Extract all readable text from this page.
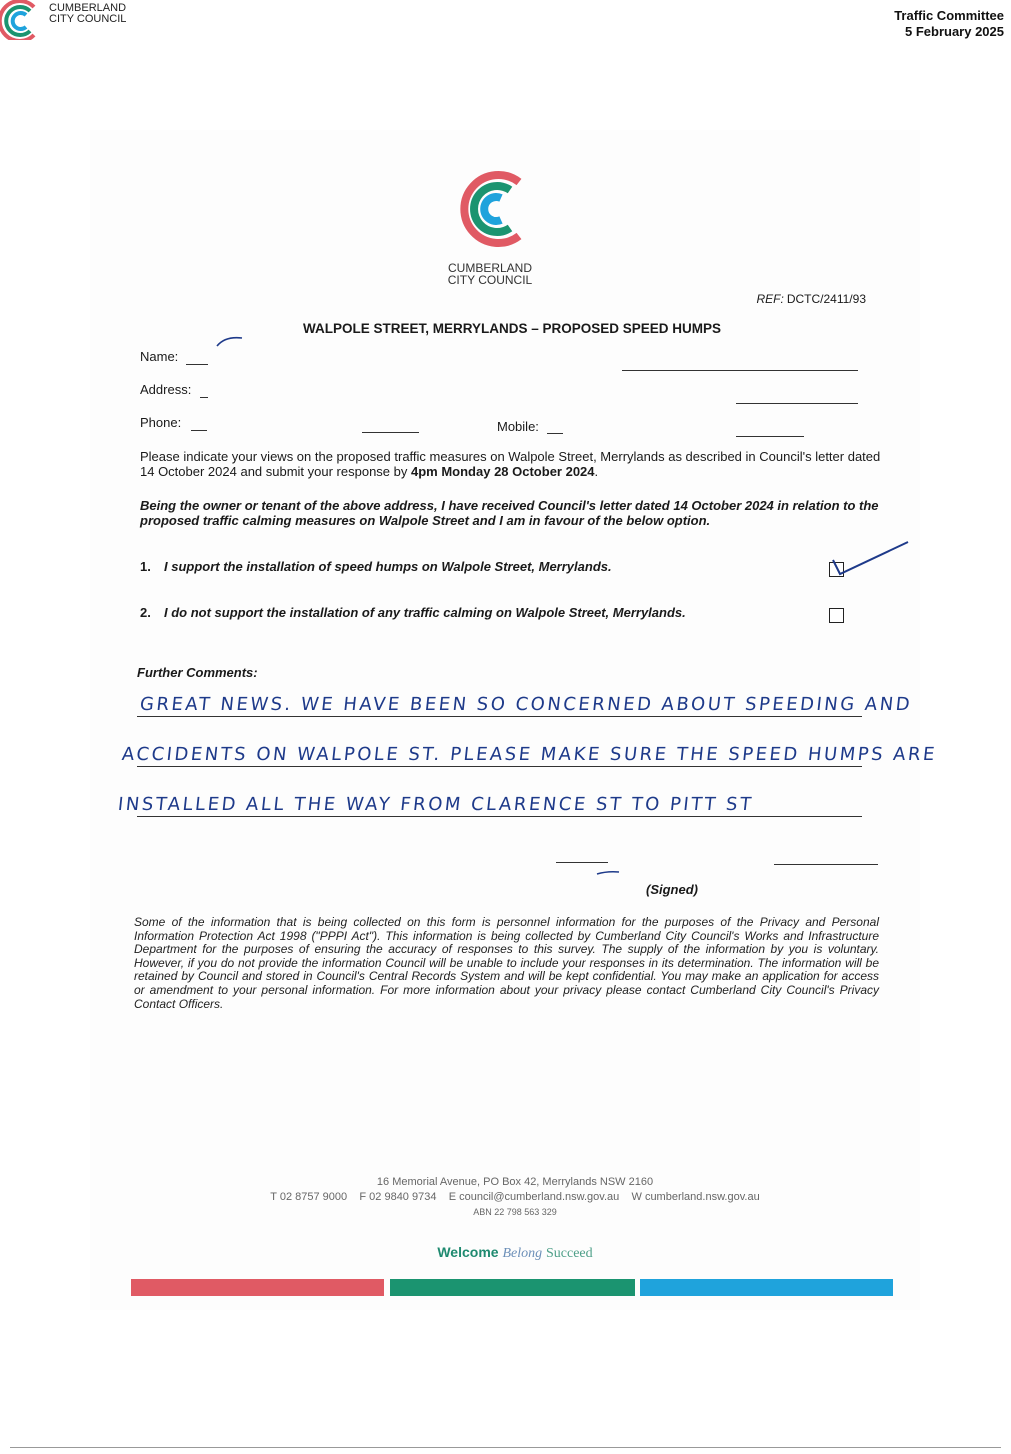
CUMBERLAND
CITY COUNCIL	Traffic Committee
5 February 2025
CUMBERLAND
CITY COUNCIL
REF: DCTC/2411/93
WALPOLE STREET, MERRYLANDS – PROPOSED SPEED HUMPS
Name:
Address:
Phone:	Mobile:
Please indicate your views on the proposed traffic measures on Walpole Street, Merrylands as described in Council's letter dated 14 October 2024 and submit your response by 4pm Monday 28 October 2024.
Being the owner or tenant of the above address, I have received Council's letter dated 14 October 2024 in relation to the proposed traffic calming measures on Walpole Street and I am in favour of the below option.
1. I support the installation of speed humps on Walpole Street, Merrylands.
2. I do not support the installation of any traffic calming on Walpole Street, Merrylands.
Further Comments:
GREAT NEWS. WE HAVE BEEN SO CONCERNED ABOUT SPEEDING AND
ACCIDENTS ON WALPOLE ST. PLEASE MAKE SURE THE SPEED HUMPS ARE
INSTALLED ALL THE WAY FROM CLARENCE ST TO PITT ST
(Signed)
Some of the information that is being collected on this form is personnel information for the purposes of the Privacy and Personal Information Protection Act 1998 ("PPPI Act"). This information is being collected by Cumberland City Council's Works and Infrastructure Department for the purposes of ensuring the accuracy of responses to this survey. The supply of the information by you is voluntary. However, if you do not provide the information Council will be unable to include your responses in its determination. The information will be retained by Council and stored in Council's Central Records System and will be kept confidential. You may make an application for access or amendment to your personal information. For more information about your privacy please contact Cumberland City Council's Privacy Contact Officers.
16 Memorial Avenue, PO Box 42, Merrylands NSW 2160
T 02 8757 9000 F 02 9840 9734 E council@cumberland.nsw.gov.au W cumberland.nsw.gov.au
ABN 22 798 563 329
Welcome Belong Succeed
